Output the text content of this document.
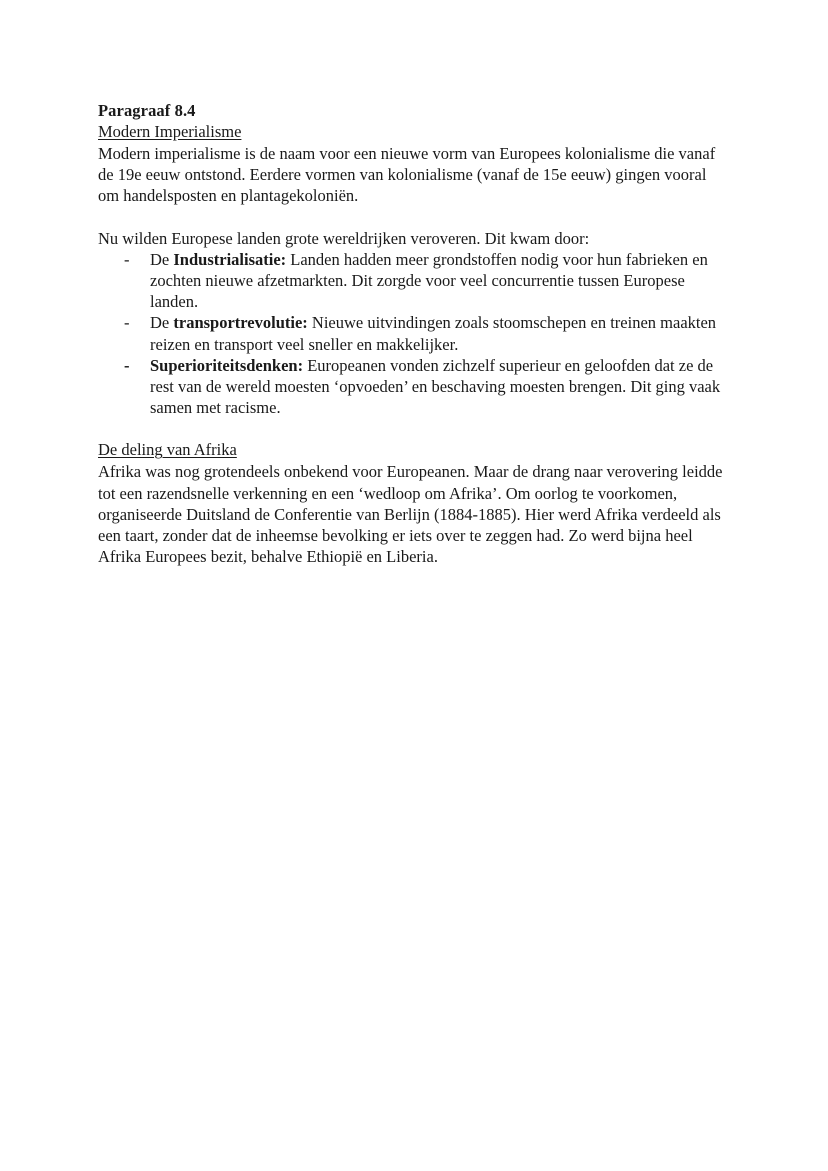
Paragraaf 8.4
Modern Imperialisme

Modern imperialisme is de naam voor een nieuwe vorm van Europees kolonialisme die vanaf de 19e eeuw ontstond. Eerdere vormen van kolonialisme (vanaf de 15e eeuw) gingen vooral om handelsposten en plantagekoloniën.

Nu wilden Europese landen grote wereldrijken veroveren. Dit kwam door:

- De Industrialisatie: Landen hadden meer grondstoffen nodig voor hun fabrieken en zochten nieuwe afzetmarkten. Dit zorgde voor veel concurrentie tussen Europese landen.
- De transportrevolutie: Nieuwe uitvindingen zoals stoomschepen en treinen maakten reizen en transport veel sneller en makkelijker.
- Superioriteitsdenken: Europeanen vonden zichzelf superieur en geloofden dat ze de rest van de wereld moesten ‘opvoeden’ en beschaving moesten brengen. Dit ging vaak samen met racisme.
De deling van Afrika

Afrika was nog grotendeels onbekend voor Europeanen. Maar de drang naar verovering leidde tot een razendsnelle verkenning en een ‘wedloop om Afrika’. Om oorlog te voorkomen, organiseerde Duitsland de Conferentie van Berlijn (1884-1885). Hier werd Afrika verdeeld als een taart, zonder dat de inheemse bevolking er iets over te zeggen had. Zo werd bijna heel Afrika Europees bezit, behalve Ethiopië en Liberia.
